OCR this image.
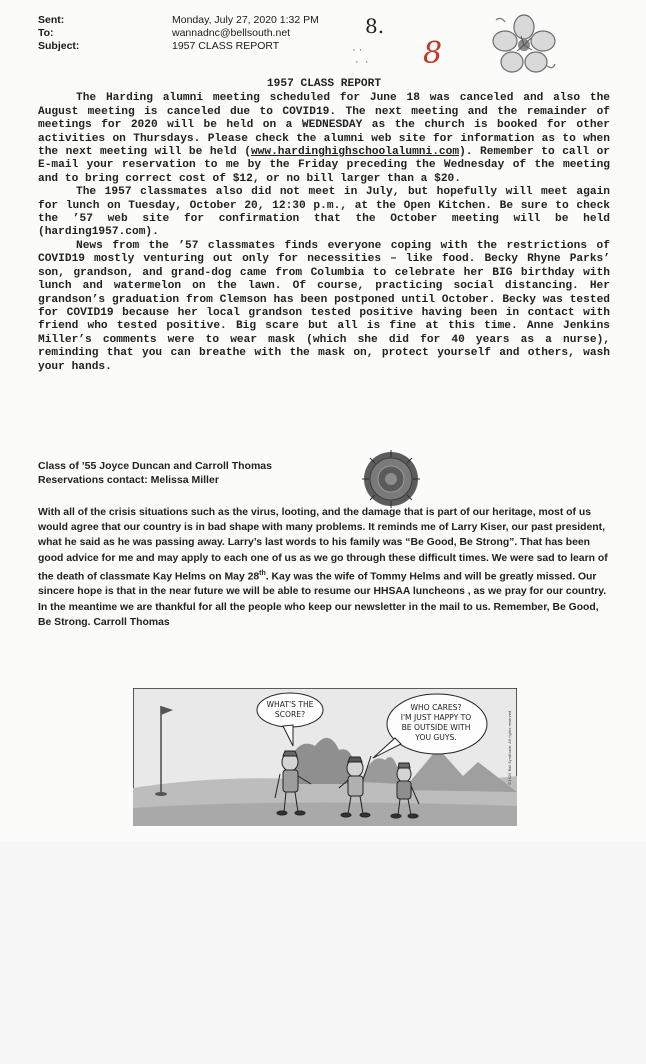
Sent:	Monday, July 27, 2020 1:32 PM
To:	wannadnc@bellsouth.net
Subject:	1957 CLASS REPORT
8.
· ·
·  · 8
1957 CLASS REPORT

The Harding alumni meeting scheduled for June 18 was canceled and also the August meeting is canceled due to COVID19. The next meeting and the remainder of meetings for 2020 will be held on a WEDNESDAY as the church is booked for other activities on Thursdays. Please check the alumni web site for information as to when the next meeting will be held (www.hardinghighschoolalumni.com). Remember to call or E-mail your reservation to me by the Friday preceding the Wednesday of the meeting and to bring correct cost of $12, or no bill larger than a $20.

The 1957 classmates also did not meet in July, but hopefully will meet again for lunch on Tuesday, October 20, 12:30 p.m., at the Open Kitchen. Be sure to check the ’57 web site for confirmation that the October meeting will be held (harding1957.com).

News from the ’57 classmates finds everyone coping with the restrictions of COVID19 mostly venturing out only for necessities – like food. Becky Rhyne Parks’ son, grandson, and grand-dog came from Columbia to celebrate her BIG birthday with lunch and watermelon on the lawn. Of course, practicing social distancing. Her grandson’s graduation from Clemson has been postponed until October. Becky was tested for COVID19 because her local grandson tested positive having been in contact with friend who tested positive. Big scare but all is fine at this time. Anne Jenkins Miller’s comments were to wear mask (which she did for 40 years as a nurse), reminding that you can breathe with the mask on, protect yourself and others, wash your hands.

Class of ’55 Joyce Duncan and Carroll Thomas
Reservations contact: Melissa Miller

With all of the crisis situations such as the virus, looting, and the damage that is part of our heritage, most of us would agree that our country is in bad shape with many problems. It reminds me of Larry Kiser, our past president, what he said as he was passing away. Larry’s last words to his family was “Be Good, Be Strong”. That has been good advice for me and may apply to each one of us as we go through these difficult times. We were sad to learn of the death of classmate Kay Helms on May 28th. Kay was the wife of Tommy Helms and will be greatly missed. Our sincere hope is that in the near future we will be able to resume our HHSAA luncheons , as we pray for our country. In the meantime we are thankful for all the people who keep our newsletter in the mail to us. Remember, Be Good, Be Strong. Carroll Thomas

WHAT'S THE
SCORE?
WHO CARES?
I'M JUST HAPPY TO
BE OUTSIDE WITH
YOU GUYS.	©2020 Rail Syndicate. All rights reserved
